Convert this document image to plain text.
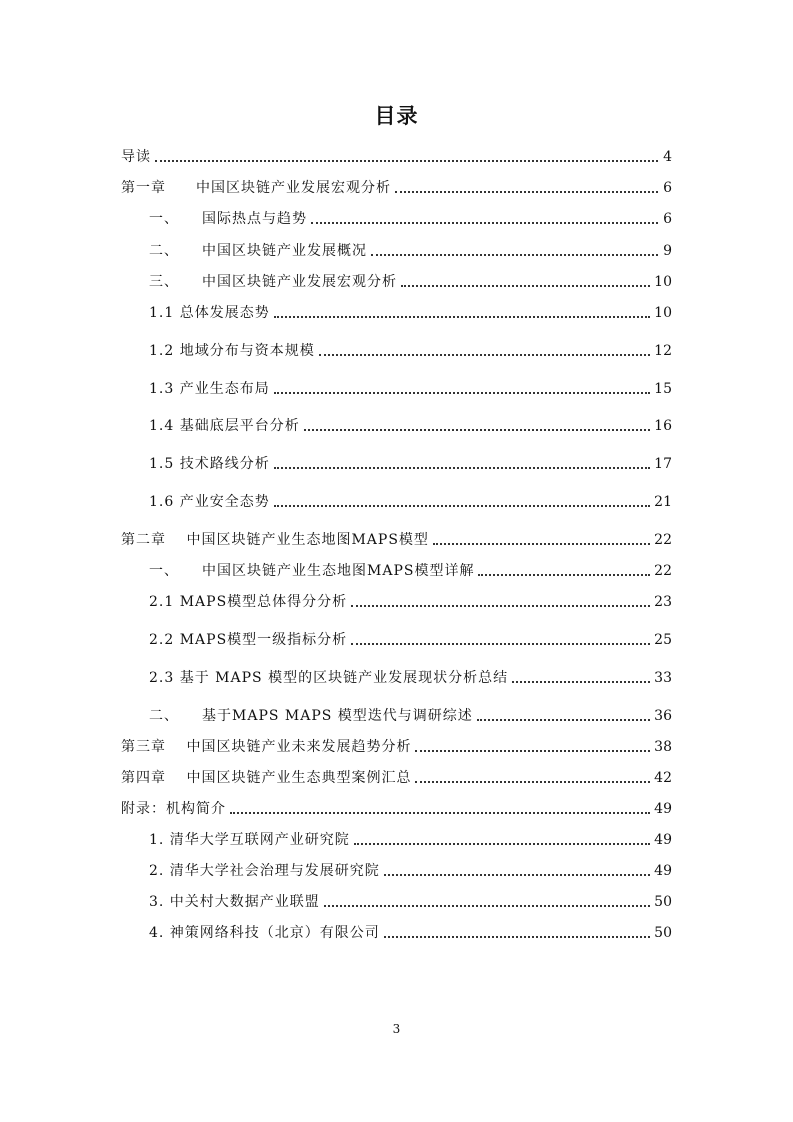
目录
导读	4
第一章　　中国区块链产业发展宏观分析	6
一、　　国际热点与趋势	6
二、　　中国区块链产业发展概况	9
三、　　中国区块链产业发展宏观分析	10
1.1 总体发展态势	10
1.2 地域分布与资本规模	12
1.3 产业生态布局	15
1.4 基础底层平台分析	16
1.5 技术路线分析	17
1.6 产业安全态势	21
第二章　 中国区块链产业生态地图MAPS模型	22
一、　　中国区块链产业生态地图MAPS模型详解	22
2.1 MAPS模型总体得分分析	23
2.2 MAPS模型一级指标分析	25
2.3 基于 MAPS 模型的区块链产业发展现状分析总结	33
二、　　基于MAPS MAPS 模型迭代与调研综述	36
第三章　 中国区块链产业未来发展趋势分析	38
第四章　 中国区块链产业生态典型案例汇总	42
附录：机构简介	49
1. 清华大学互联网产业研究院	49
2. 清华大学社会治理与发展研究院	49
3. 中关村大数据产业联盟	50
4. 神策网络科技（北京）有限公司	50
3
